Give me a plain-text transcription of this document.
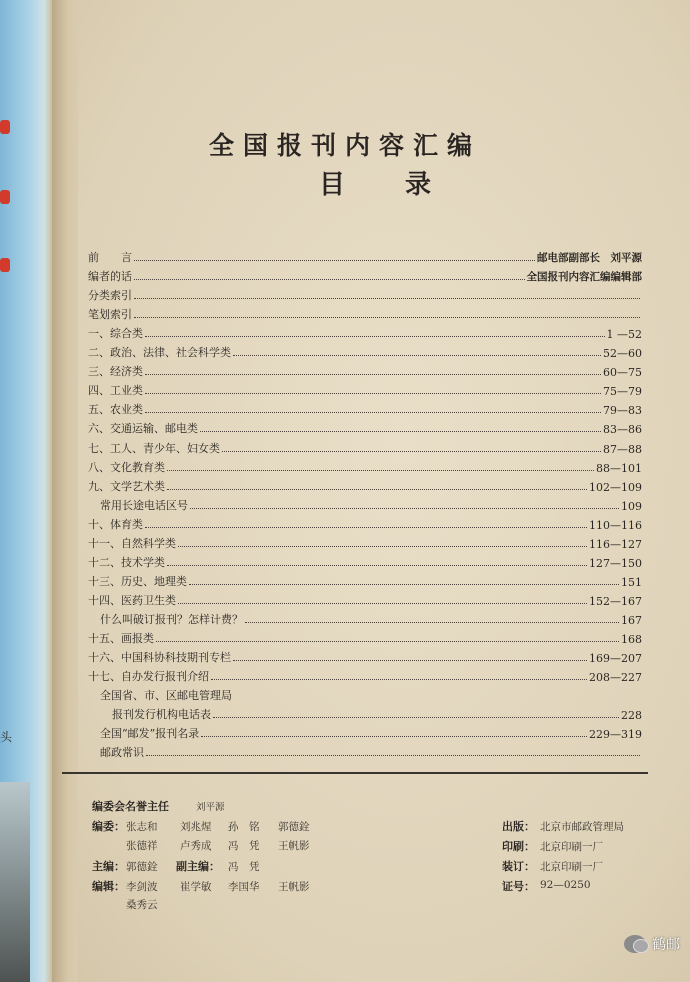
头
全国报刊内容汇编
目录
前　　言	邮电部副部长　刘平源
编者的话	全国报刊内容汇编编辑部
分类索引
笔划索引
一、综合类	1 —52
二、政治、法律、社会科学类	52—60
三、经济类	60—75
四、工业类	75—79
五、农业类	79—83
六、交通运输、邮电类	83—86
七、工人、青少年、妇女类	87—88
八、文化教育类	88—101
九、文学艺术类	102—109
常用长途电话区号	109
十、体育类	110—116
十一、自然科学类	116—127
十二、技术学类	127—150
十三、历史、地理类	151
十四、医药卫生类	152—167
什么叫破订报刊？怎样计费？	167
十五、画报类	168
十六、中国科协科技期刊专栏	169—207
十七、自办发行报刊介绍	208—227
全国省、市、区邮电管理局
报刊发行机构电话表	228
全国“邮发”报刊名录	229—319
邮政常识
编委会名誉主任	刘平源
编委： 张志和 刘兆煋 孙　铭 郭德銓
张德祥 卢秀成 冯　凭 王帆影
主编： 郭德銓 副主编： 冯　凭
编辑： 李剑波 崔学敏 李国华 王帆影
桑秀云
出版： 北京市邮政管理局
印刷： 北京印刷一厂
装订： 北京印刷一厂
证号： 92—0250
鹤邮
